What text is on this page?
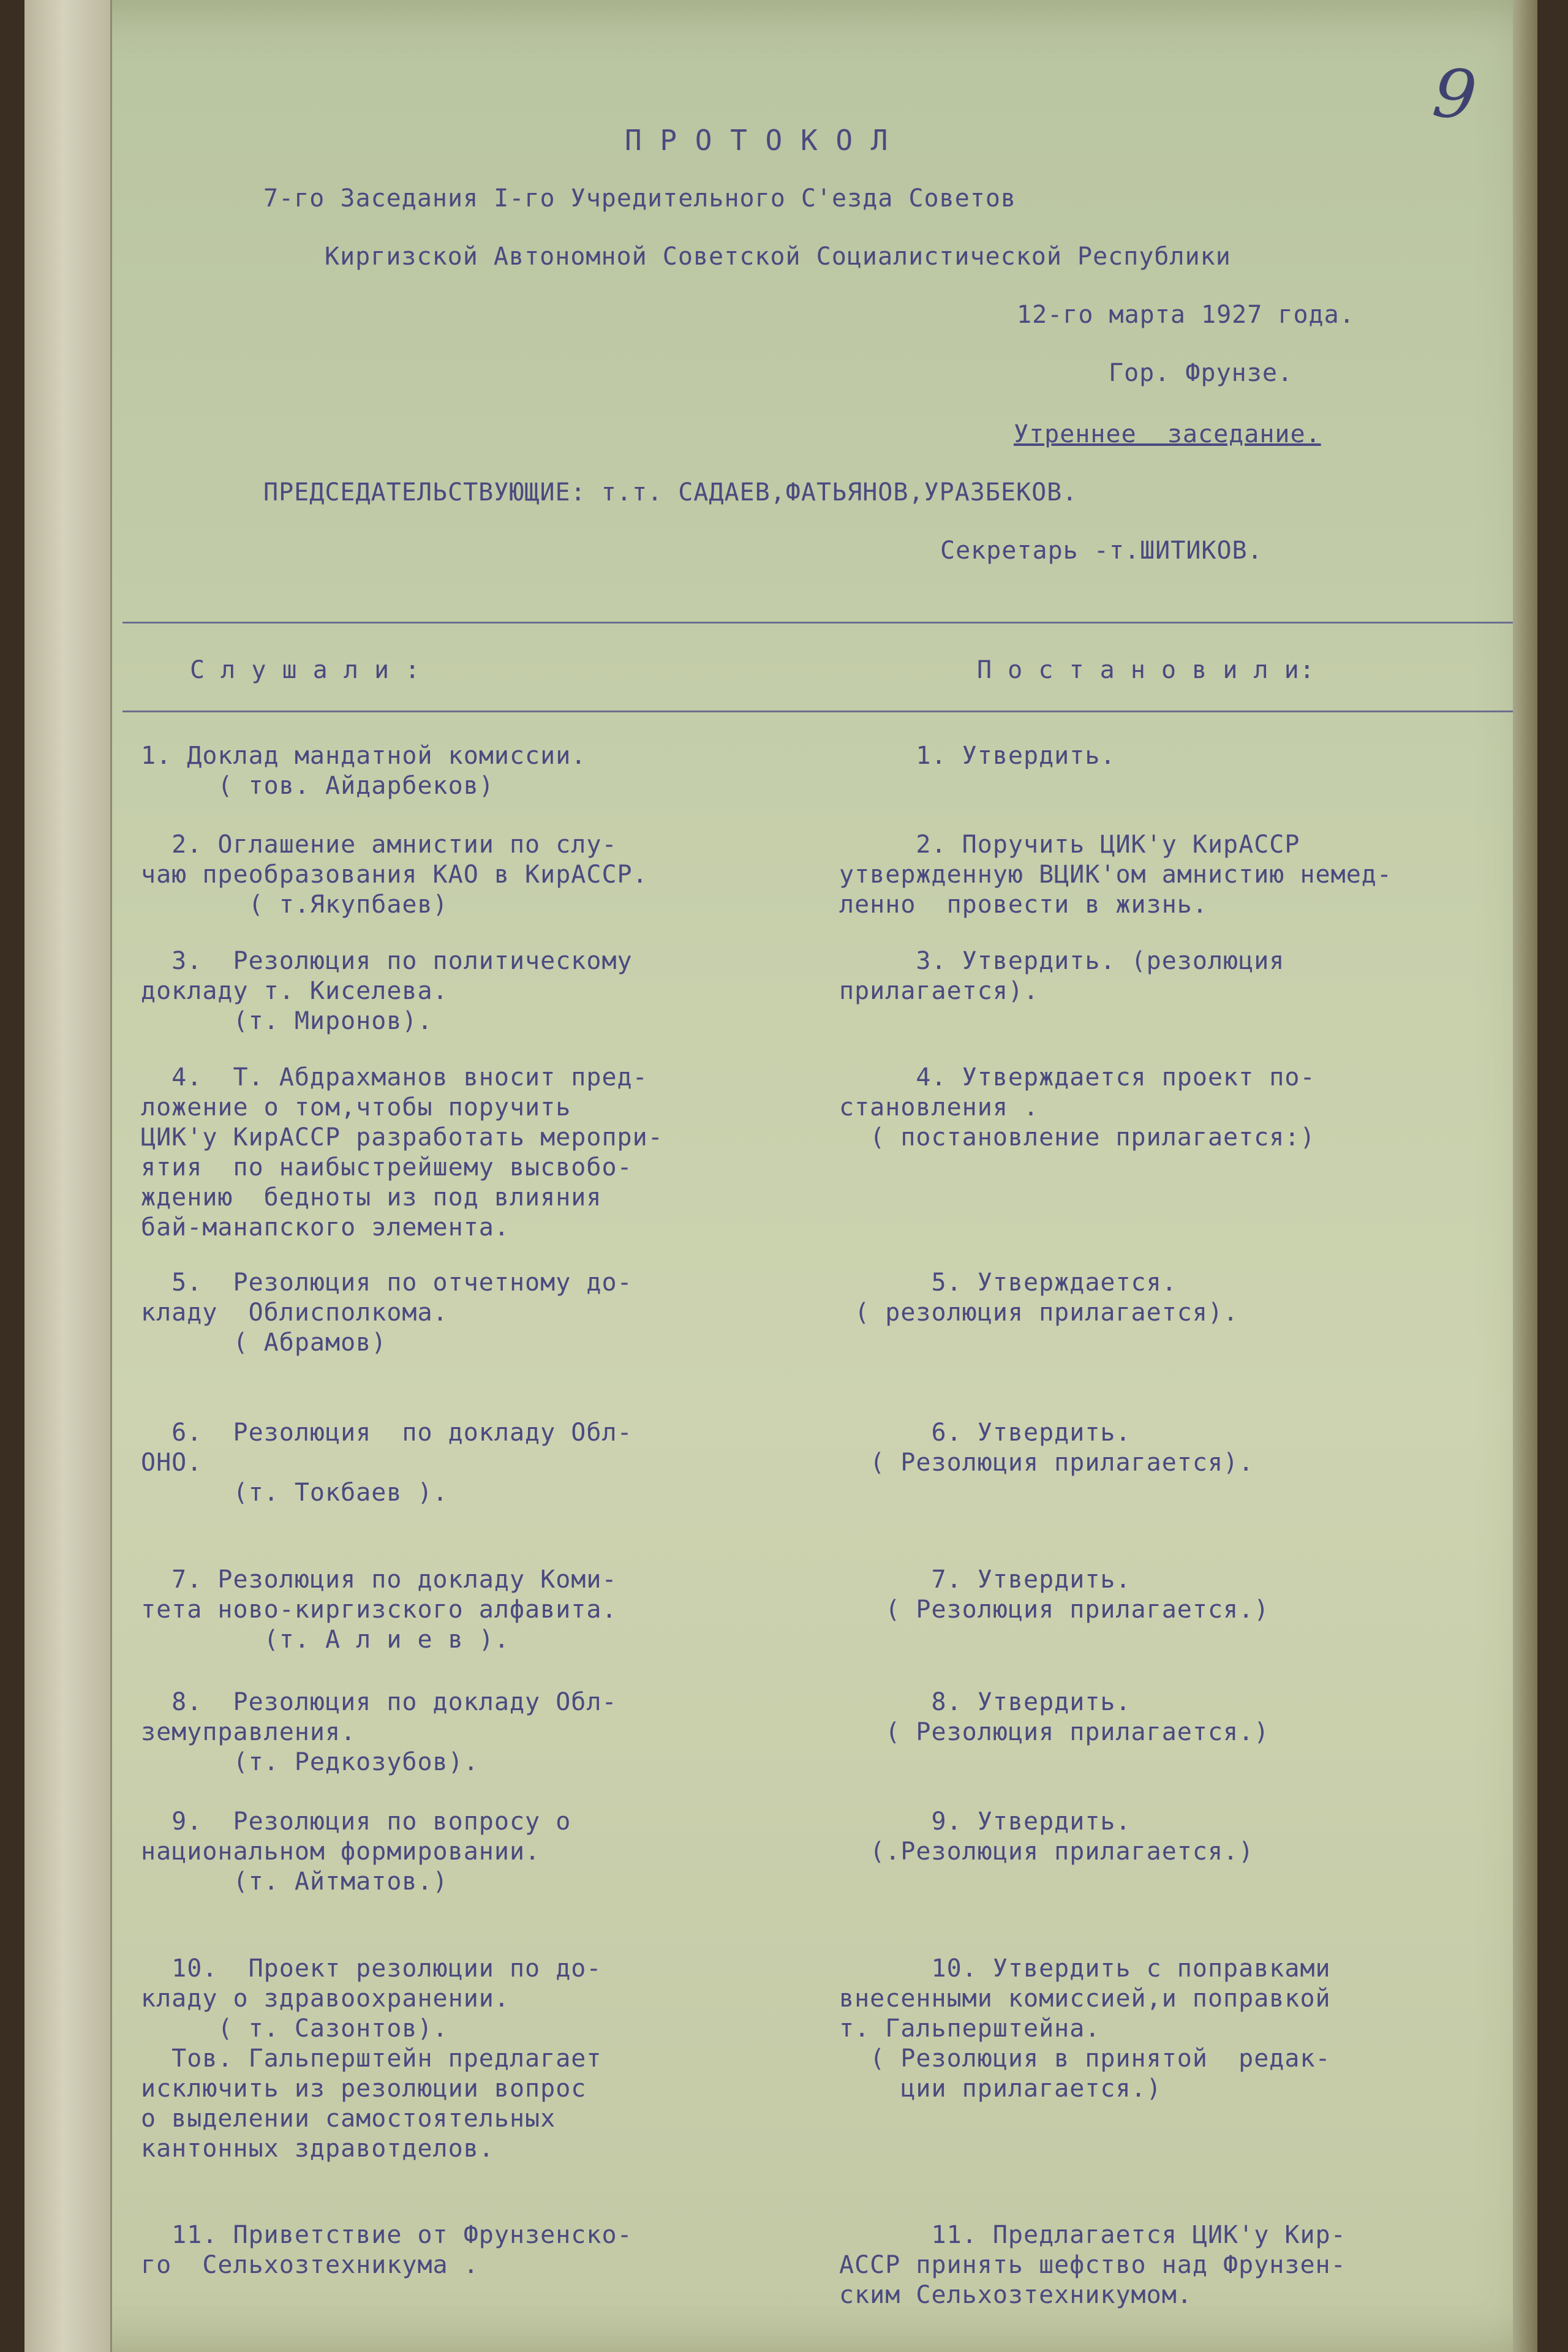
9
П Р О Т О К О Л
7-го Заседания I-го Учредительного С'езда Советов
Киргизской Автономной Советской Социалистической Республики
12-го марта 1927 года.
Гор. Фрунзе.
Утреннее  заседание.
ПРЕДСЕДАТЕЛЬСТВУЮЩИЕ: т.т. САДАЕВ,ФАТЬЯНОВ,УРАЗБЕКОВ.
Секретарь -т.ШИТИКОВ.
С л у ш а л и :	П о с т а н о в и л и:
1. Доклад мандатной комиссии.
( тов. Айдарбеков)
1. Утвердить.
2. Оглашение амнистии по слу-
чаю преобразования КАО в КирАССР.
( т.Якупбаев)
2. Поручить ЦИК'у КирАССР
утвержденную ВЦИК'ом амнистию немед-
ленно  провести в жизнь.
3.  Резолюция по политическому
докладу т. Киселева.
(т. Миронов).
3. Утвердить. (резолюция
прилагается).
4.  Т. Абдрахманов вносит пред-
ложение о том,чтобы поручить
ЦИК'у КирАССР разработать меропри-
ятия  по наибыстрейшему высвобо-
ждению  бедноты из под влияния
бай-манапского элемента.
4. Утверждается проект по-
становления .
( постановление прилагается:)
5.  Резолюция по отчетному до-
кладу  Облисполкома.
( Абрамов)
5. Утверждается.
( резолюция прилагается).
6.  Резолюция  по докладу Обл-
ОНО.
(т. Токбаев ).
6. Утвердить.
( Резолюция прилагается).
7. Резолюция по докладу Коми-
тета ново-киргизского алфавита.
(т. А л и е в ).
7. Утвердить.
( Резолюция прилагается.)
8.  Резолюция по докладу Обл-
земуправления.
(т. Редкозубов).
8. Утвердить.
( Резолюция прилагается.)
9.  Резолюция по вопросу о
национальном формировании.
(т. Айтматов.)
9. Утвердить.
(.Резолюция прилагается.)
10.  Проект резолюции по до-
кладу о здравоохранении.
( т. Сазонтов).
Тов. Гальперштейн предлагает
исключить из резолюции вопрос
о выделении самостоятельных
кантонных здравотделов.
10. Утвердить с поправками
внесенными комиссией,и поправкой
т. Гальперштейна.
( Резолюция в принятой  редак-
ции прилагается.)
11. Приветствие от Фрунзенско-
го  Сельхозтехникума .
11. Предлагается ЦИК'у Кир-
АССР принять шефство над Фрунзен-
ским Сельхозтехникумом.
